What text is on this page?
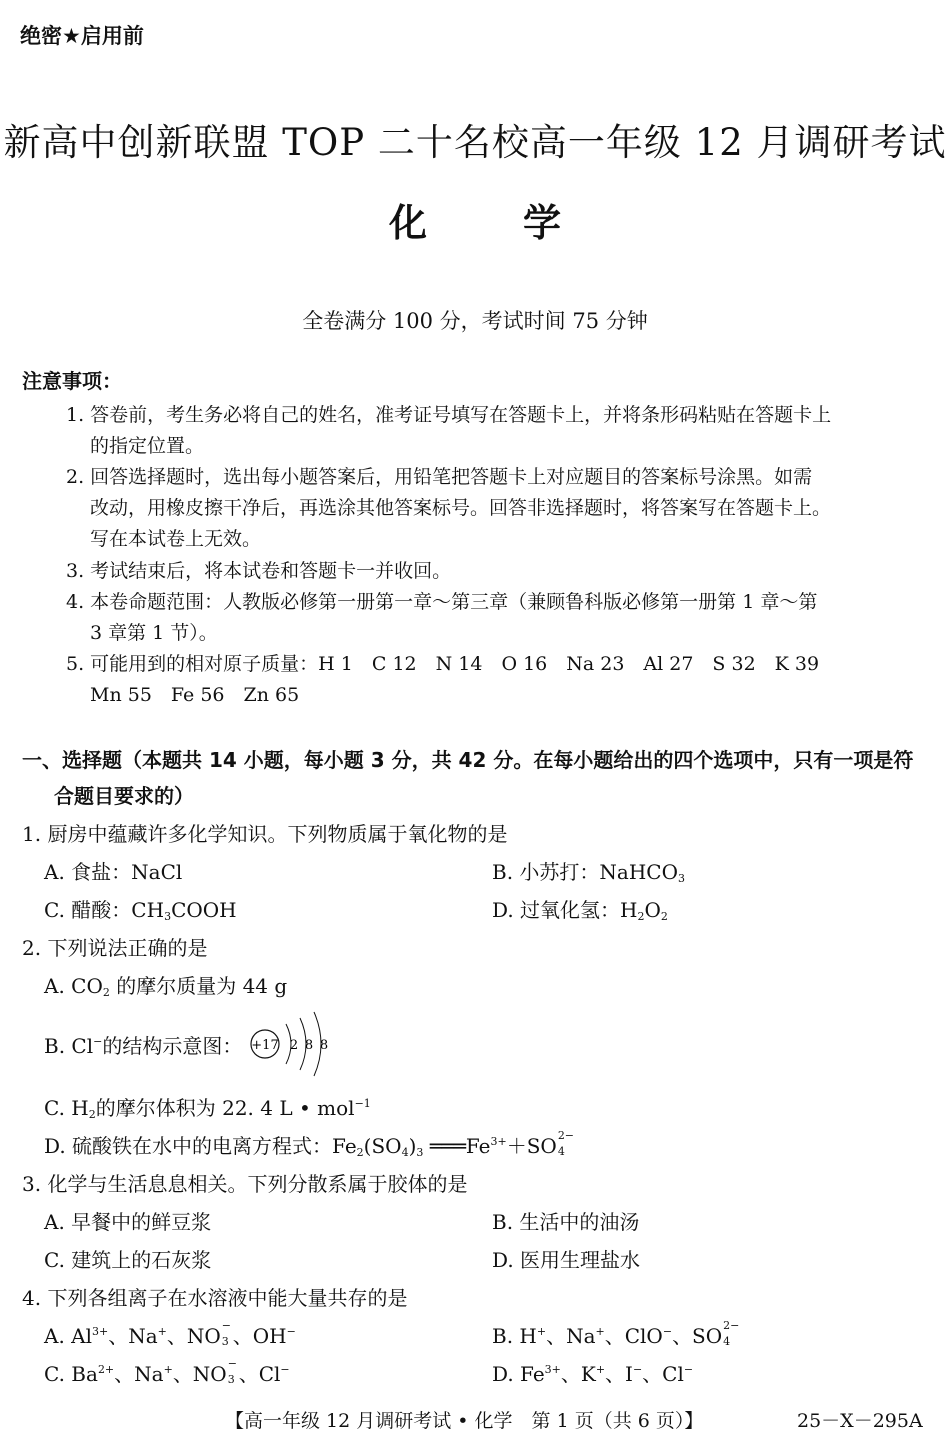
绝密★启用前
新高中创新联盟 TOP 二十名校高一年级 12 月调研考试
化	学
全卷满分 100 分，考试时间 75 分钟
注意事项：
1. 答卷前，考生务必将自己的姓名，准考证号填写在答题卡上，并将条形码粘贴在答题卡上
的指定位置。
2. 回答选择题时，选出每小题答案后，用铅笔把答题卡上对应题目的答案标号涂黑。如需
改动，用橡皮擦干净后，再选涂其他答案标号。回答非选择题时，将答案写在答题卡上。
写在本试卷上无效。
3. 考试结束后，将本试卷和答题卡一并收回。
4. 本卷命题范围：人教版必修第一册第一章～第三章（兼顾鲁科版必修第一册第 1 章～第
3 章第 1 节）。
5. 可能用到的相对原子质量：H 1　C 12　N 14　O 16　Na 23　Al 27　S 32　K 39
Mn 55　Fe 56　Zn 65
一、选择题（本题共 14 小题，每小题 3 分，共 42 分。在每小题给出的四个选项中，只有一项是符
合题目要求的）
1. 厨房中蕴藏许多化学知识。下列物质属于氧化物的是
A. 食盐：NaCl	B. 小苏打：NaHCO$_3$
C. 醋酸：$CH_3COOH$	D. 过氧化氢：$H_2O_2$
2. 下列说法正确的是
A. $CO_2$ 的摩尔质量为 44 g
B. Cl−的结构示意图： +17 2 8 8
C. $H_2$的摩尔体积为 22. 4 L • mol$^{-1}$
D. 硫酸铁在水中的电离方程式：$Fe_2(SO_4)_3$ $═══Fe^{3+}+SO$ 2−
4
3. 化学与生活息息相关。下列分散系属于胶体的是
A. 早餐中的鲜豆浆	B. 生活中的油汤
C. 建筑上的石灰浆	D. 医用生理盐水
4. 下列各组离子在水溶液中能大量共存的是
A. $Al^{3+}$、Na+、NO −
3 、OH−	B. H+、Na+、ClO−、SO 2−
4
C. $Ba^{2+}$、Na+、NO −
3 、Cl−	D. $Fe^{3+}$、K+、I−、Cl−
【高一年级 12 月调研考试 • 化学　第 1 页（共 6 页）】	25－X－295A
